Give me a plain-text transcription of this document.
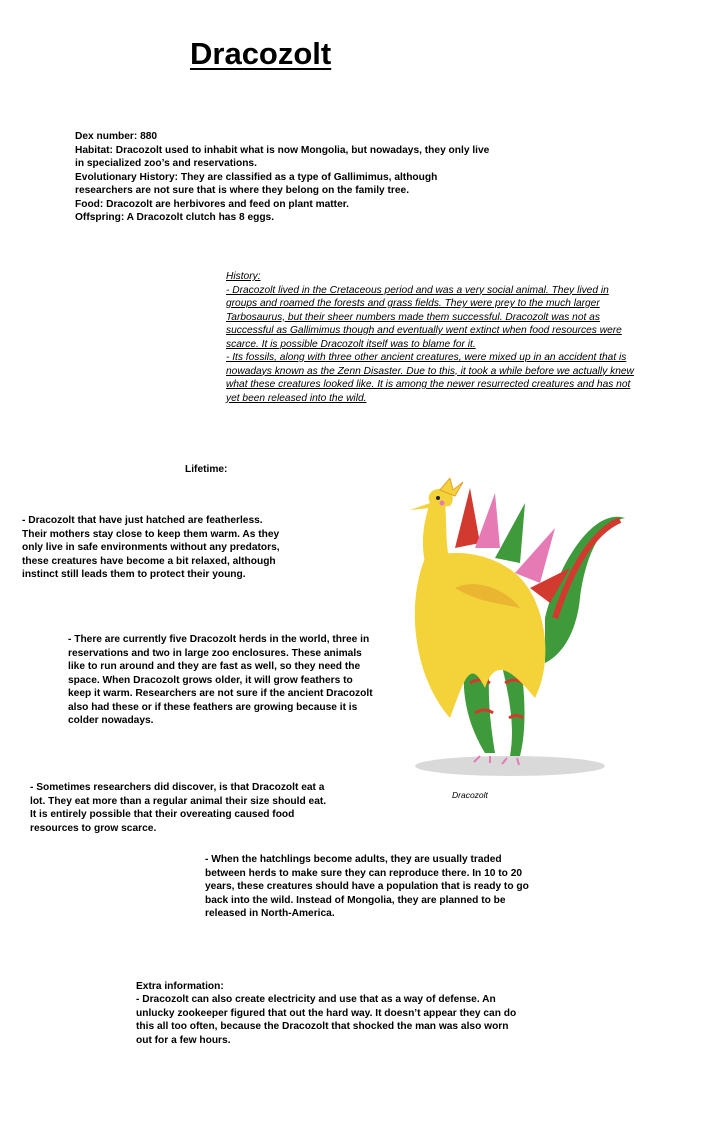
Dracozolt

Dex number: 880

Habitat: Dracozolt used to inhabit what is now Mongolia, but nowadays, they only live in specialized zoo’s and reservations.

Evolutionary History: They are classified as a type of Gallimimus, although researchers are not sure that is where they belong on the family tree.

Food: Dracozolt are herbivores and feed on plant matter.

Offspring: A Dracozolt clutch has 8 eggs.

History:

- Dracozolt lived in the Cretaceous period and was a very social animal. They lived in groups and roamed the forests and grass fields. They were prey to the much larger Tarbosaurus, but their sheer numbers made them successful. Dracozolt was not as successful as Gallimimus though and eventually went extinct when food resources were scarce. It is possible Dracozolt itself was to blame for it.

- Its fossils, along with three other ancient creatures, were mixed up in an accident that is nowadays known as the Zenn Disaster. Due to this, it took a while before we actually knew what these creatures looked like. It is among the newer resurrected creatures and has not yet been released into the wild.

Lifetime:
- Dracozolt that have just hatched are featherless. Their mothers stay close to keep them warm. As they only live in safe environments without any predators, these creatures have become a bit relaxed, although instinct still leads them to protect their young.
- There are currently five Dracozolt herds in the world, three in reservations and two in large zoo enclosures. These animals like to run around and they are fast as well, so they need the space. When Dracozolt grows older, it will grow feathers to keep it warm. Researchers are not sure if the ancient Dracozolt also had these or if these feathers are growing because it is colder nowadays.
- Sometimes researchers did discover, is that Dracozolt eat a lot. They eat more than a regular animal their size should eat. It is entirely possible that their overeating caused food resources to grow scarce.
- When the hatchlings become adults, they are usually traded between herds to make sure they can reproduce there. In 10 to 20 years, these creatures should have a population that is ready to go back into the wild. Instead of Mongolia, they are planned to be released in North-America.
Extra information:
- Dracozolt can also create electricity and use that as a way of defense. An unlucky zookeeper figured that out the hard way. It doesn’t appear they can do this all too often, because the Dracozolt that shocked the man was also worn out for a few hours.
Dracozolt
